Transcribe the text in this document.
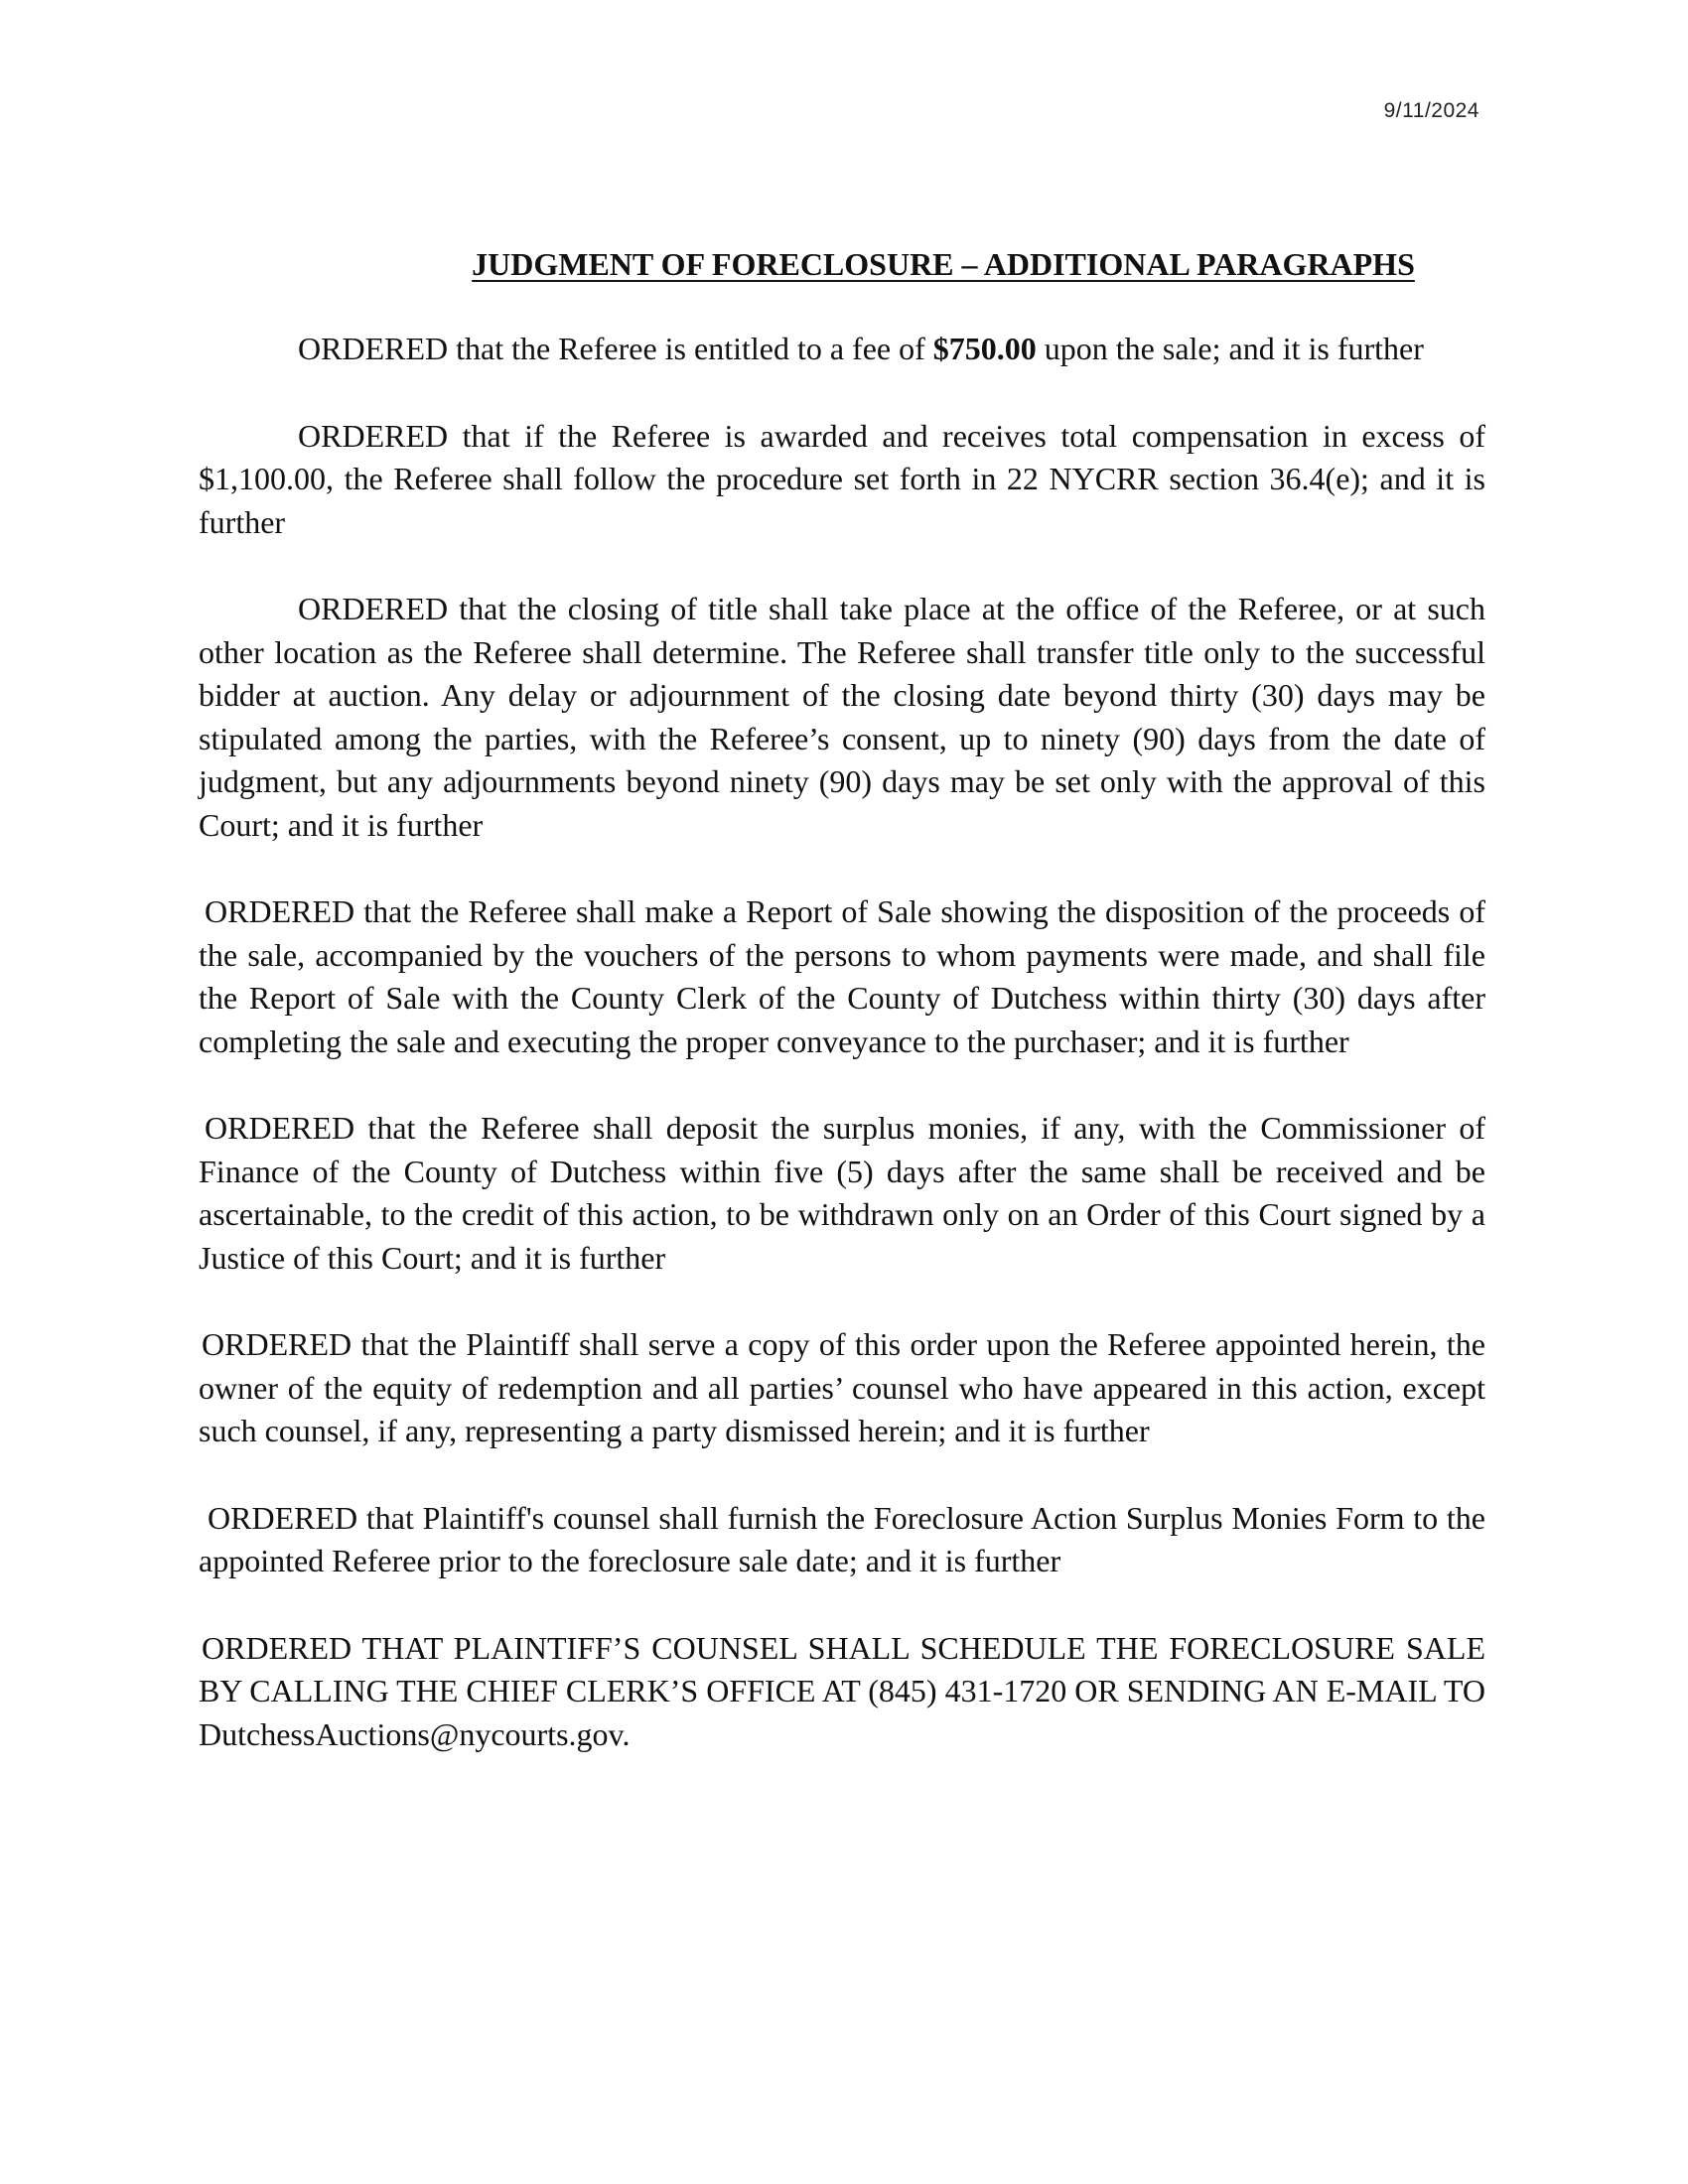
9/11/2024
JUDGMENT OF FORECLOSURE – ADDITIONAL PARAGRAPHS

ORDERED that the Referee is entitled to a fee of $750.00 upon the sale; and it is further

ORDERED that if the Referee is awarded and receives total compensation in excess of $1,100.00, the Referee shall follow the procedure set forth in 22 NYCRR section 36.4(e); and it is further

ORDERED that the closing of title shall take place at the office of the Referee, or at such other location as the Referee shall determine. The Referee shall transfer title only to the successful bidder at auction. Any delay or adjournment of the closing date beyond thirty (30) days may be stipulated among the parties, with the Referee’s consent, up to ninety (90) days from the date of judgment, but any adjournments beyond ninety (90) days may be set only with the approval of this Court; and it is further

ORDERED that the Referee shall make a Report of Sale showing the disposition of the proceeds of the sale, accompanied by the vouchers of the persons to whom payments were made, and shall file the Report of Sale with the County Clerk of the County of Dutchess within thirty (30) days after completing the sale and executing the proper conveyance to the purchaser; and it is further

ORDERED that the Referee shall deposit the surplus monies, if any, with the Commissioner of Finance of the County of Dutchess within five (5) days after the same shall be received and be ascertainable, to the credit of this action, to be withdrawn only on an Order of this Court signed by a Justice of this Court; and it is further

ORDERED that the Plaintiff shall serve a copy of this order upon the Referee appointed herein, the owner of the equity of redemption and all parties’ counsel who have appeared in this action, except such counsel, if any, representing a party dismissed herein; and it is further

ORDERED that Plaintiff's counsel shall furnish the Foreclosure Action Surplus Monies Form to the appointed Referee prior to the foreclosure sale date; and it is further

ORDERED THAT PLAINTIFF’S COUNSEL SHALL SCHEDULE THE FORECLOSURE SALE BY CALLING THE CHIEF CLERK’S OFFICE AT (845) 431-1720 OR SENDING AN E-MAIL TO DutchessAuctions@nycourts.gov.
